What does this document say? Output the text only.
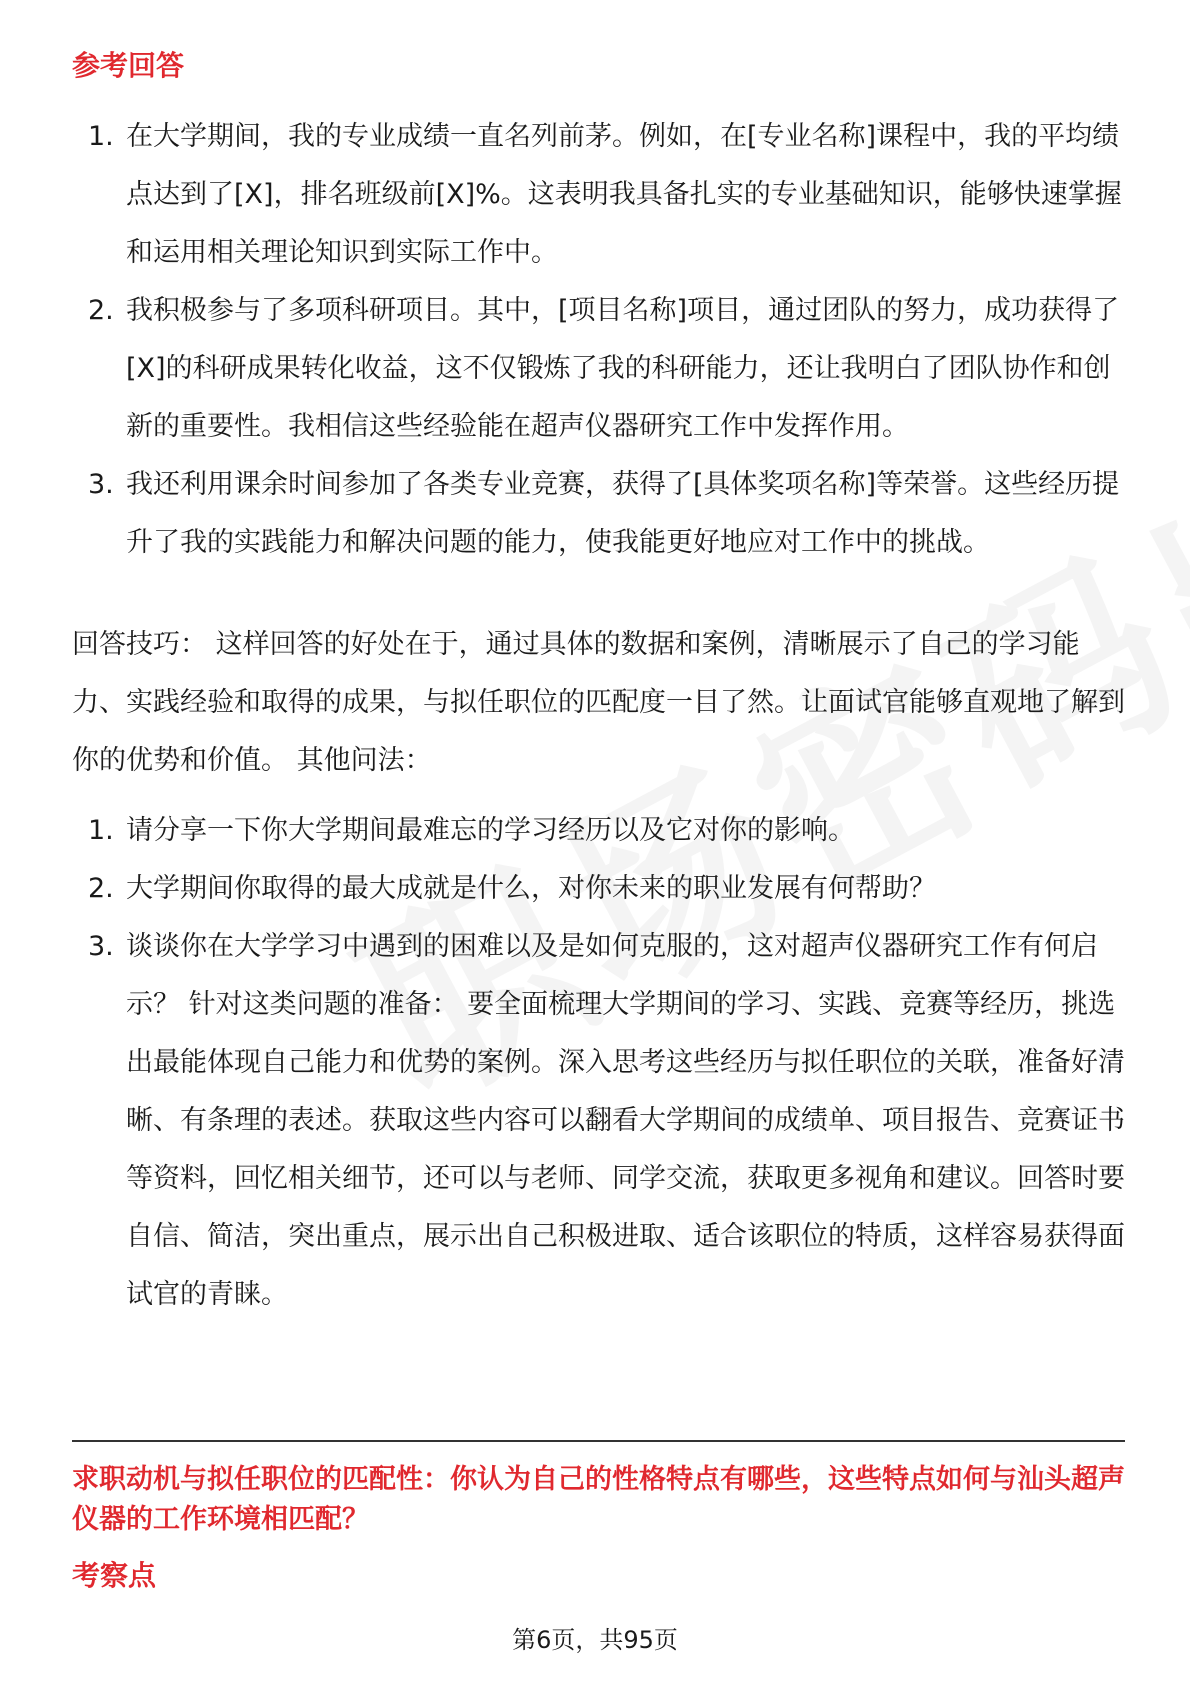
参考回答
1. 在大学期间，我的专业成绩一直名列前茅。例如，在[专业名称]课程中，我的平均绩点达到了[X]，排名班级前[X]%。这表明我具备扎实的专业基础知识，能够快速掌握和运用相关理论知识到实际工作中。
2. 我积极参与了多项科研项目。其中，[项目名称]项目，通过团队的努力，成功获得了[X]的科研成果转化收益，这不仅锻炼了我的科研能力，还让我明白了团队协作和创新的重要性。我相信这些经验能在超声仪器研究工作中发挥作用。
3. 我还利用课余时间参加了各类专业竞赛，获得了[具体奖项名称]等荣誉。这些经历提升了我的实践能力和解决问题的能力，使我能更好地应对工作中的挑战。

回答技巧： 这样回答的好处在于，通过具体的数据和案例，清晰展示了自己的学习能力、实践经验和取得的成果，与拟任职位的匹配度一目了然。让面试官能够直观地了解到你的优势和价值。 其他问法：

1. 请分享一下你大学期间最难忘的学习经历以及它对你的影响。
2. 大学期间你取得的最大成就是什么，对你未来的职业发展有何帮助？
3. 谈谈你在大学学习中遇到的困难以及是如何克服的，这对超声仪器研究工作有何启示？ 针对这类问题的准备： 要全面梳理大学期间的学习、实践、竞赛等经历，挑选出最能体现自己能力和优势的案例。深入思考这些经历与拟任职位的关联，准备好清晰、有条理的表述。获取这些内容可以翻看大学期间的成绩单、项目报告、竞赛证书等资料，回忆相关细节，还可以与老师、同学交流，获取更多视角和建议。回答时要自信、简洁，突出重点，展示出自己积极进取、适合该职位的特质，这样容易获得面试官的青睐。
求职动机与拟任职位的匹配性：你认为自己的性格特点有哪些，这些特点如何与汕头超声仪器的工作环境相匹配？
考察点
第6页，共95页
